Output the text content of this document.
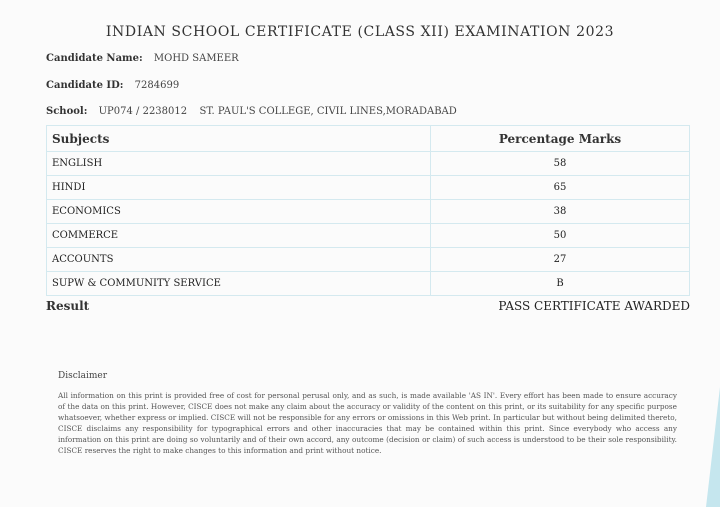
INDIAN SCHOOL CERTIFICATE (CLASS XII) EXAMINATION 2023
Candidate Name: MOHD SAMEER
Candidate ID: 7284699
School: UP074 / 2238012 ST. PAUL'S COLLEGE, CIVIL LINES,MORADABAD
Subjects	Percentage Marks
ENGLISH	58
HINDI	65
ECONOMICS	38
COMMERCE	50
ACCOUNTS	27
SUPW & COMMUNITY SERVICE	B
Result	PASS CERTIFICATE AWARDED
Disclaimer
All information on this print is provided free of cost for personal perusal only, and as such, is made available 'AS IN'. Every effort has been made to ensure accuracy of the data on this print. However, CISCE does not make any claim about the accuracy or validity of the content on this print, or its suitability for any specific purpose whatsoever, whether express or implied. CISCE will not be responsible for any errors or omissions in this Web print. In particular but without being delimited thereto, CISCE disclaims any responsibility for typographical errors and other inaccuracies that may be contained within this print. Since everybody who access any information on this print are doing so voluntarily and of their own accord, any outcome (decision or claim) of such access is understood to be their sole responsibility. CISCE reserves the right to make changes to this information and print without notice.
